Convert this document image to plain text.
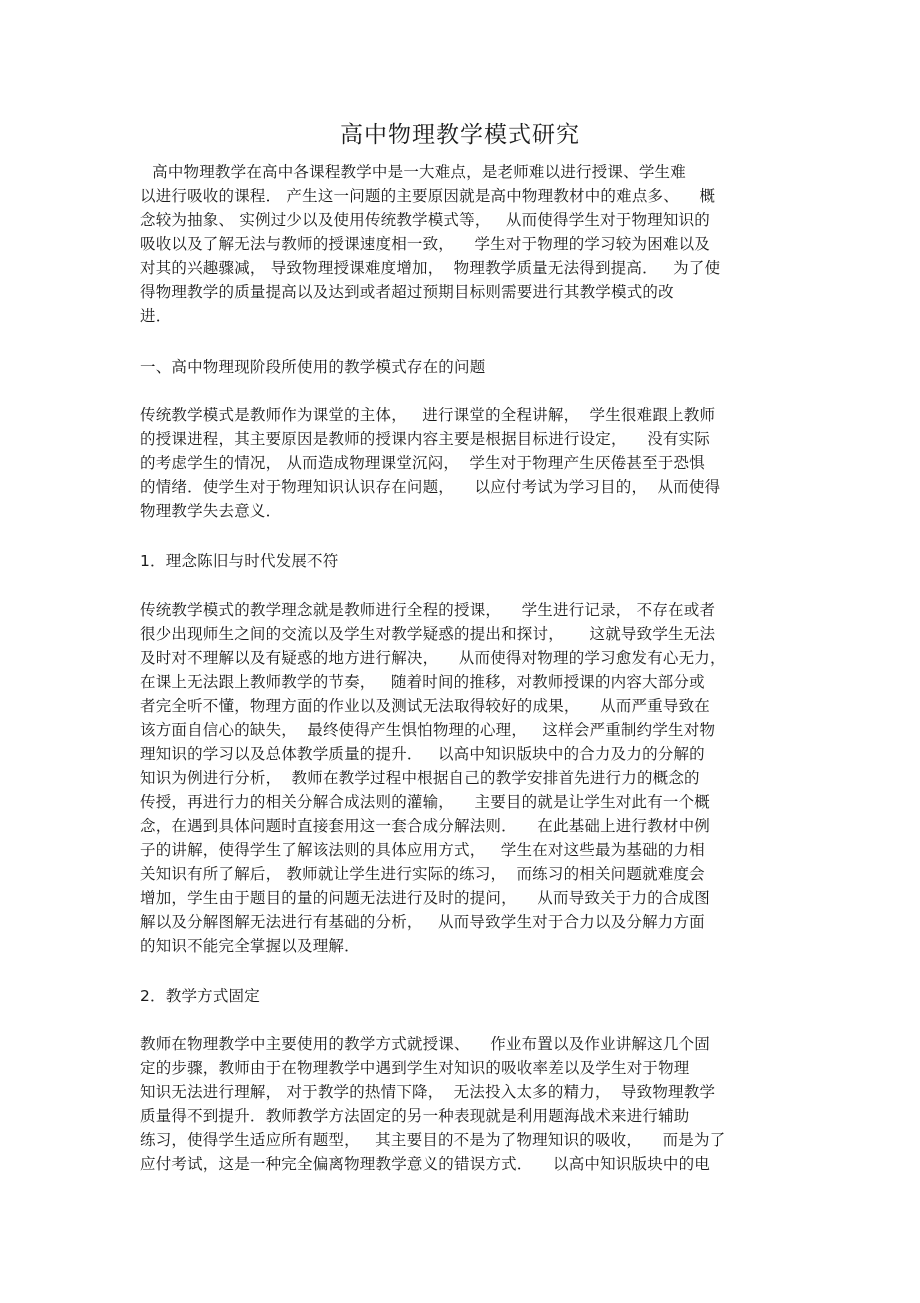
高中物理教学模式研究
高中物理教学在高中各课程教学中是一大难点，是老师难以进行授课、学生难
以进行吸收的课程． 产生这一问题的主要原因就是高中物理教材中的难点多、    概
念较为抽象、 实例过少以及使用传统教学模式等，   从而使得学生对于物理知识的
吸收以及了解无法与教师的授课速度相一致，    学生对于物理的学习较为困难以及
对其的兴趣骤减， 导致物理授课难度增加，  物理教学质量无法得到提高．   为了使
得物理教学的质量提高以及达到或者超过预期目标则需要进行其教学模式的改
进．
一、高中物理现阶段所使用的教学模式存在的问题
传统教学模式是教师作为课堂的主体，   进行课堂的全程讲解，  学生很难跟上教师
的授课进程，其主要原因是教师的授课内容主要是根据目标进行设定，    没有实际
的考虑学生的情况， 从而造成物理课堂沉闷，  学生对于物理产生厌倦甚至于恐惧
的情绪．使学生对于物理知识认识存在问题，    以应付考试为学习目的，  从而使得
物理教学失去意义．
1．理念陈旧与时代发展不符
传统教学模式的教学理念就是教师进行全程的授课，    学生进行记录， 不存在或者
很少出现师生之间的交流以及学生对教学疑惑的提出和探讨，     这就导致学生无法
及时对不理解以及有疑惑的地方进行解决，    从而使得对物理的学习愈发有心无力，
在课上无法跟上教师教学的节奏，   随着时间的推移，对教师授课的内容大部分或
者完全听不懂，物理方面的作业以及测试无法取得较好的成果，    从而严重导致在
该方面自信心的缺失，  最终使得产生惧怕物理的心理，   这样会严重制约学生对物
理知识的学习以及总体教学质量的提升．   以高中知识版块中的合力及力的分解的
知识为例进行分析，  教师在教学过程中根据自己的教学安排首先进行力的概念的
传授，再进行力的相关分解合成法则的灌输，    主要目的就是让学生对此有一个概
念，在遇到具体问题时直接套用这一套合成分解法则．    在此基础上进行教材中例
子的讲解，使得学生了解该法则的具体应用方式，   学生在对这些最为基础的力相
关知识有所了解后， 教师就让学生进行实际的练习，  而练习的相关问题就难度会
增加，学生由于题目的量的问题无法进行及时的提问，    从而导致关于力的合成图
解以及分解图解无法进行有基础的分析，   从而导致学生对于合力以及分解力方面
的知识不能完全掌握以及理解．
2．教学方式固定
教师在物理教学中主要使用的教学方式就授课、    作业布置以及作业讲解这几个固
定的步骤，教师由于在物理教学中遇到学生对知识的吸收率差以及学生对于物理
知识无法进行理解， 对于教学的热情下降，  无法投入太多的精力，  导致物理教学
质量得不到提升．教师教学方法固定的另一种表现就是利用题海战术来进行辅助
练习，使得学生适应所有题型，   其主要目的不是为了物理知识的吸收，    而是为了
应付考试，这是一种完全偏离物理教学意义的错误方式．    以高中知识版块中的电
